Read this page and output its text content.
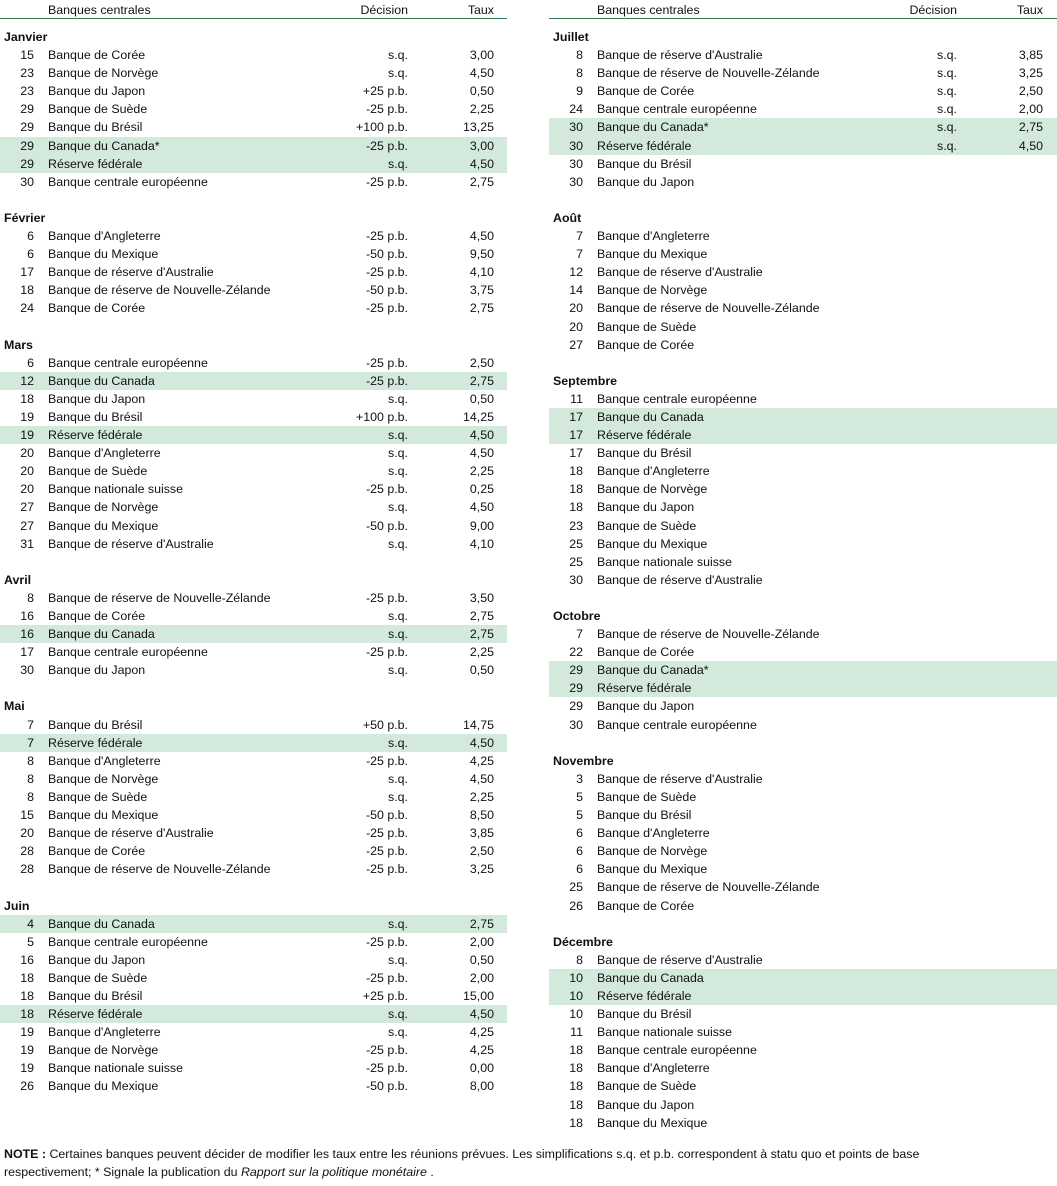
Banques centrales	Décision	Taux
Janvier
15 Banque de Corée	s.q.	3,00
23 Banque de Norvège	s.q.	4,50
23 Banque du Japon	+25 p.b.	0,50
29 Banque de Suède	-25 p.b.	2,25
29 Banque du Brésil	+100 p.b.	13,25
29 Banque du Canada*	-25 p.b.	3,00
29 Réserve fédérale	s.q.	4,50
30 Banque centrale européenne	-25 p.b.	2,75
Février
6 Banque d'Angleterre	-25 p.b.	4,50
6 Banque du Mexique	-50 p.b.	9,50
17 Banque de réserve d'Australie	-25 p.b.	4,10
18 Banque de réserve de Nouvelle-Zélande	-50 p.b.	3,75
24 Banque de Corée	-25 p.b.	2,75
Mars
6 Banque centrale européenne	-25 p.b.	2,50
12 Banque du Canada	-25 p.b.	2,75
18 Banque du Japon	s.q.	0,50
19 Banque du Brésil	+100 p.b.	14,25
19 Réserve fédérale	s.q.	4,50
20 Banque d'Angleterre	s.q.	4,50
20 Banque de Suède	s.q.	2,25
20 Banque nationale suisse	-25 p.b.	0,25
27 Banque de Norvège	s.q.	4,50
27 Banque du Mexique	-50 p.b.	9,00
31 Banque de réserve d'Australie	s.q.	4,10
Avril
8 Banque de réserve de Nouvelle-Zélande	-25 p.b.	3,50
16 Banque de Corée	s.q.	2,75
16 Banque du Canada	s.q.	2,75
17 Banque centrale européenne	-25 p.b.	2,25
30 Banque du Japon	s.q.	0,50
Mai
7 Banque du Brésil	+50 p.b.	14,75
7 Réserve fédérale	s.q.	4,50
8 Banque d'Angleterre	-25 p.b.	4,25
8 Banque de Norvège	s.q.	4,50
8 Banque de Suède	s.q.	2,25
15 Banque du Mexique	-50 p.b.	8,50
20 Banque de réserve d'Australie	-25 p.b.	3,85
28 Banque de Corée	-25 p.b.	2,50
28 Banque de réserve de Nouvelle-Zélande	-25 p.b.	3,25
Juin
4 Banque du Canada	s.q.	2,75
5 Banque centrale européenne	-25 p.b.	2,00
16 Banque du Japon	s.q.	0,50
18 Banque de Suède	-25 p.b.	2,00
18 Banque du Brésil	+25 p.b.	15,00
18 Réserve fédérale	s.q.	4,50
19 Banque d'Angleterre	s.q.	4,25
19 Banque de Norvège	-25 p.b.	4,25
19 Banque nationale suisse	-25 p.b.	0,00
26 Banque du Mexique	-50 p.b.	8,00
Banques centrales	Décision	Taux
Juillet
8 Banque de réserve d'Australie	s.q.	3,85
8 Banque de réserve de Nouvelle-Zélande	s.q.	3,25
9 Banque de Corée	s.q.	2,50
24 Banque centrale européenne	s.q.	2,00
30 Banque du Canada*	s.q.	2,75
30 Réserve fédérale	s.q.	4,50
30 Banque du Brésil
30 Banque du Japon
Août
7 Banque d'Angleterre
7 Banque du Mexique
12 Banque de réserve d'Australie
14 Banque de Norvège
20 Banque de réserve de Nouvelle-Zélande
20 Banque de Suède
27 Banque de Corée
Septembre
11 Banque centrale européenne
17 Banque du Canada
17 Réserve fédérale
17 Banque du Brésil
18 Banque d'Angleterre
18 Banque de Norvège
18 Banque du Japon
23 Banque de Suède
25 Banque du Mexique
25 Banque nationale suisse
30 Banque de réserve d'Australie
Octobre
7 Banque de réserve de Nouvelle-Zélande
22 Banque de Corée
29 Banque du Canada*
29 Réserve fédérale
29 Banque du Japon
30 Banque centrale européenne
Novembre
3 Banque de réserve d'Australie
5 Banque de Suède
5 Banque du Brésil
6 Banque d'Angleterre
6 Banque de Norvège
6 Banque du Mexique
25 Banque de réserve de Nouvelle-Zélande
26 Banque de Corée
Décembre
8 Banque de réserve d'Australie
10 Banque du Canada
10 Réserve fédérale
10 Banque du Brésil
11 Banque nationale suisse
18 Banque centrale européenne
18 Banque d'Angleterre
18 Banque de Suède
18 Banque du Japon
18 Banque du Mexique
NOTE : Certaines banques peuvent décider de modifier les taux entre les réunions prévues. Les simplifications s.q. et p.b. correspondent à statu quo et points de base respectivement; * Signale la publication du Rapport sur la politique monétaire .
